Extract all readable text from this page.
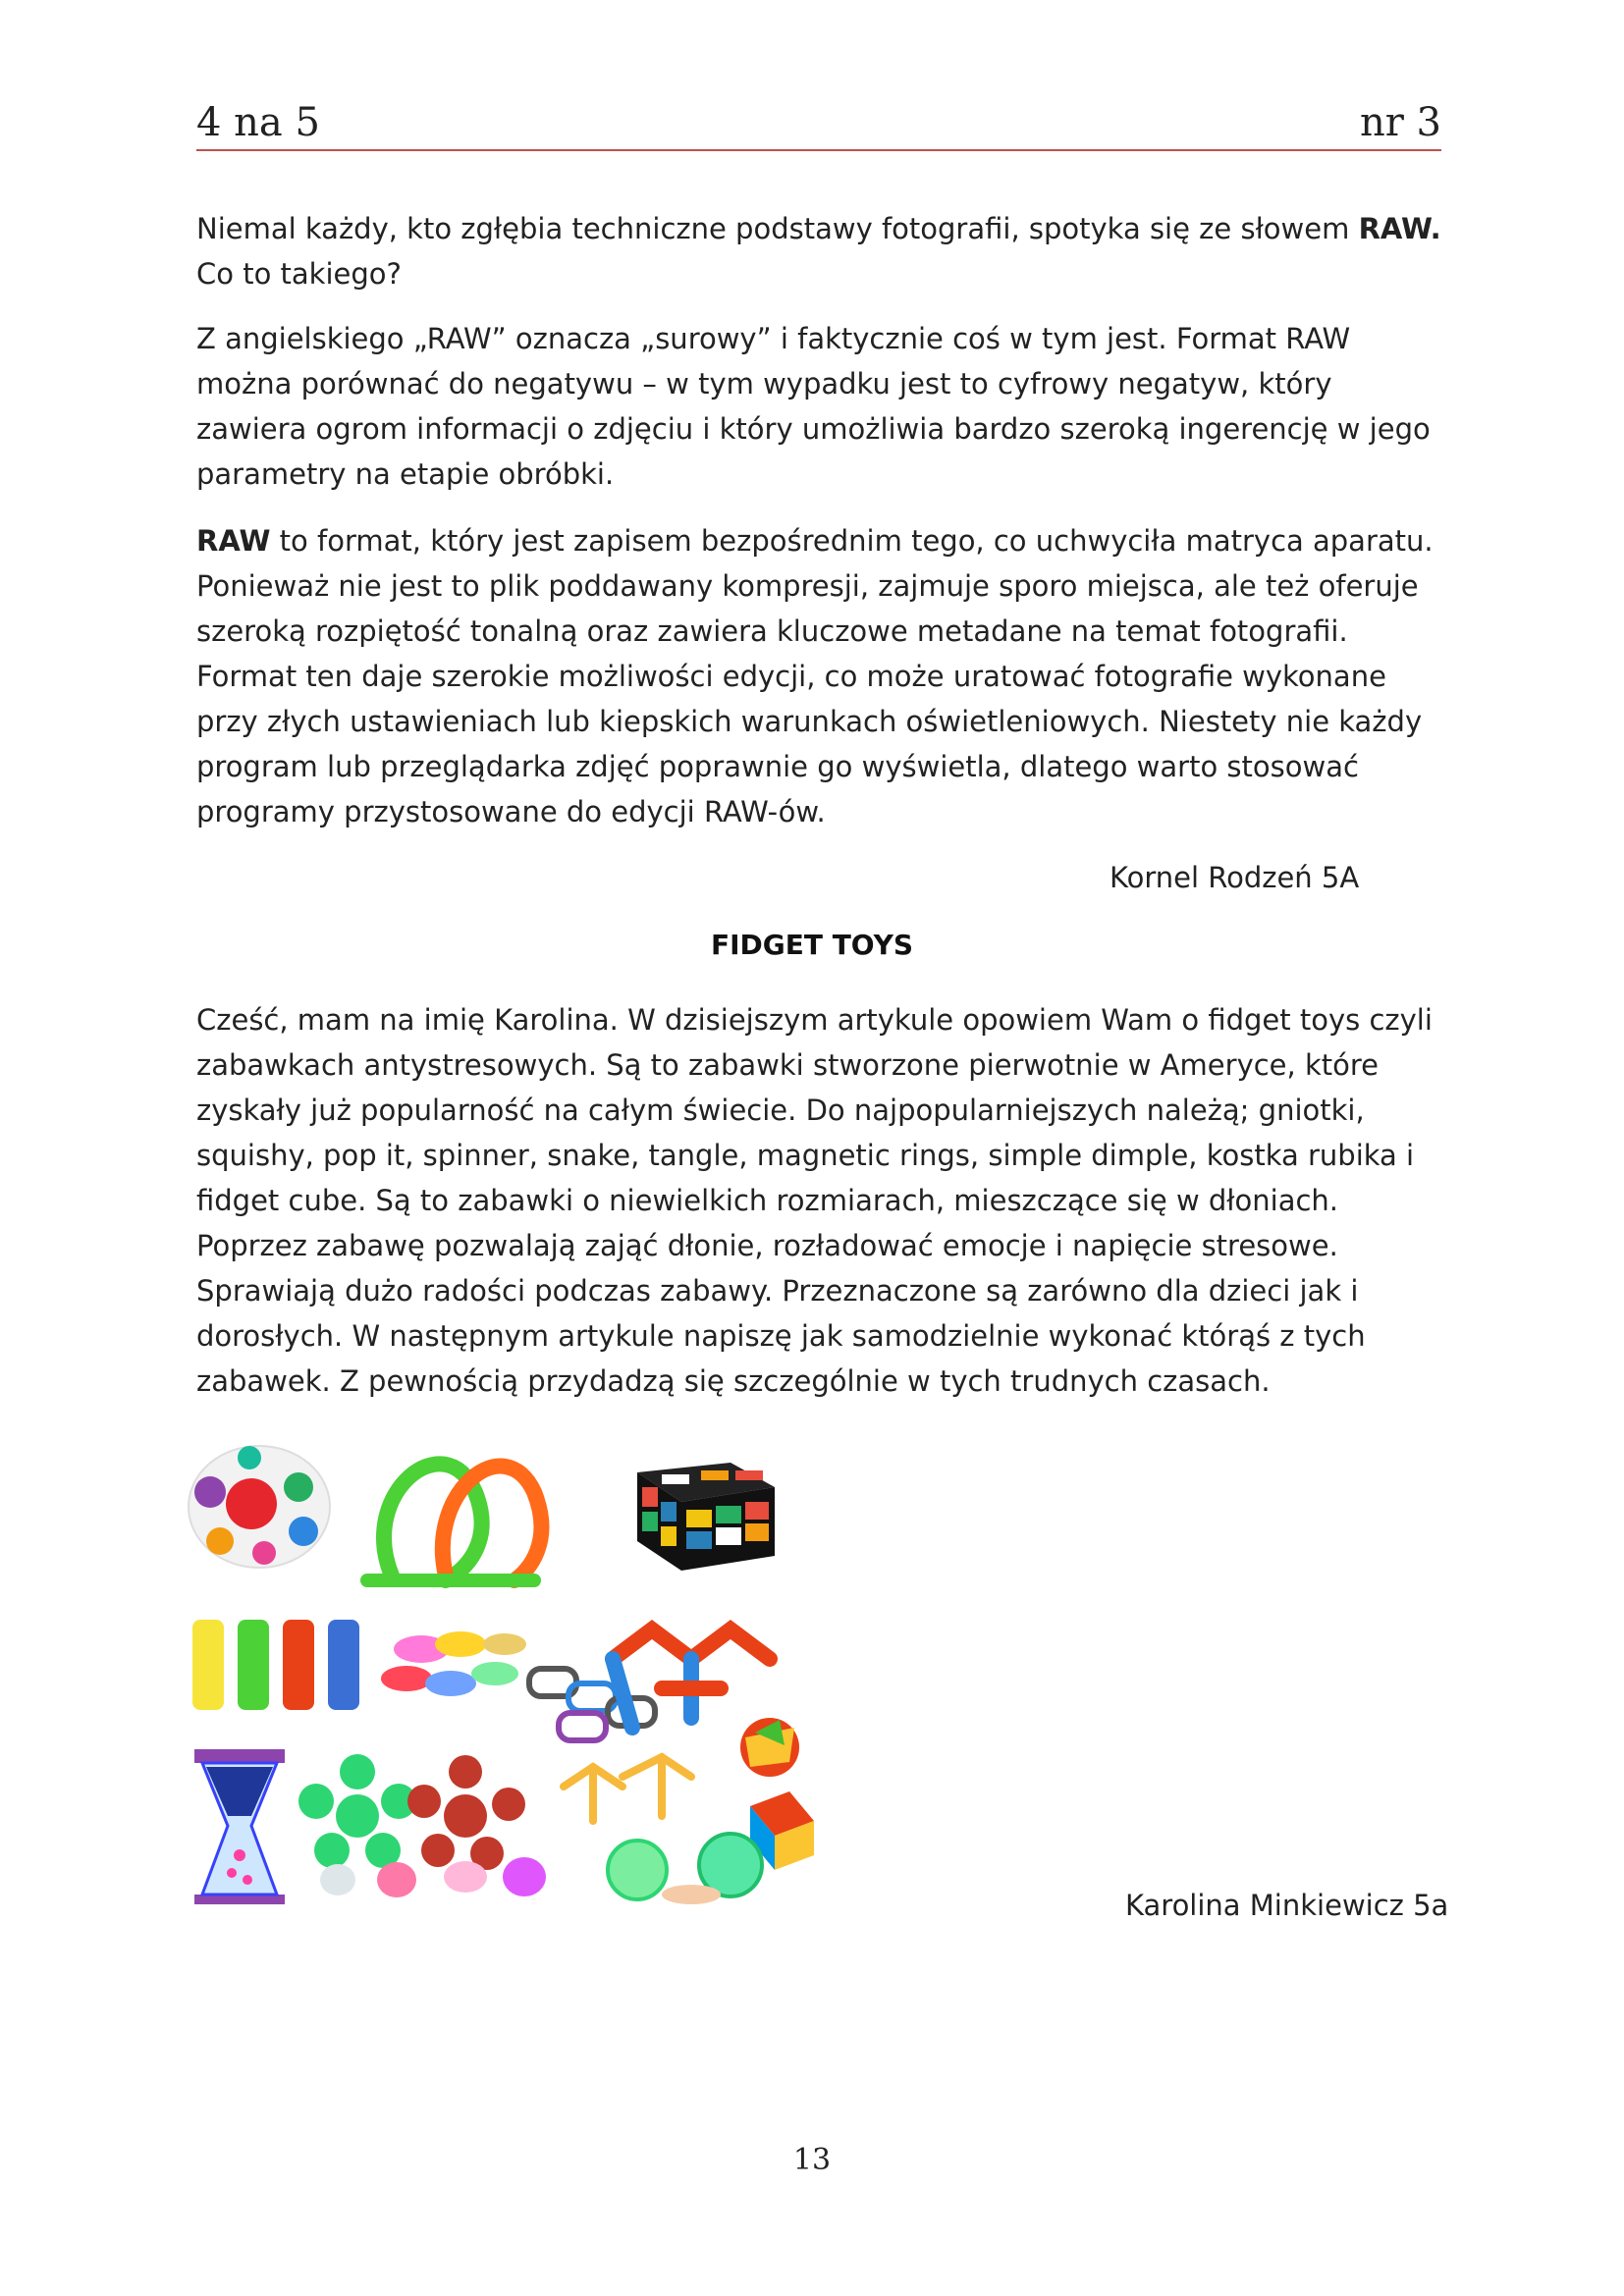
4 na 5	nr 3

Niemal każdy, kto zgłębia techniczne podstawy fotografii, spotyka się ze słowem RAW.
Co to takiego?

Z angielskiego „RAW” oznacza „surowy” i faktycznie coś w tym jest. Format RAW można porównać do negatywu – w tym wypadku jest to cyfrowy negatyw, który zawiera ogrom informacji o zdjęciu i który umożliwia bardzo szeroką ingerencję w jego parametry na etapie obróbki.

RAW to format, który jest zapisem bezpośrednim tego, co uchwyciła matryca aparatu. Ponieważ nie jest to plik poddawany kompresji, zajmuje sporo miejsca, ale też oferuje szeroką rozpiętość tonalną oraz zawiera kluczowe metadane na temat fotografii. Format ten daje szerokie możliwości edycji, co może uratować fotografie wykonane przy złych ustawieniach lub kiepskich warunkach oświetleniowych. Niestety nie każdy program lub przeglądarka zdjęć poprawnie go wyświetla, dlatego warto stosować programy przystosowane do edycji RAW-ów.

Kornel Rodzeń 5A
FIDGET TOYS

Cześć, mam na imię Karolina. W dzisiejszym artykule opowiem Wam o fidget toys czyli zabawkach antystresowych. Są to zabawki stworzone pierwotnie w Ameryce, które zyskały już popularność na całym świecie. Do najpopularniejszych należą; gniotki, squishy, pop it, spinner, snake, tangle, magnetic rings, simple dimple, kostka rubika i fidget cube. Są to zabawki o niewielkich rozmiarach, mieszczące się w dłoniach. Poprzez zabawę pozwalają zająć dłonie, rozładować emocje i napięcie stresowe. Sprawiają dużo radości podczas zabawy. Przeznaczone są zarówno dla dzieci jak i dorosłych. W następnym artykule napiszę jak samodzielnie wykonać którąś z tych zabawek. Z pewnością przydadzą się szczególnie w tych trudnych czasach.

Karolina Minkiewicz 5a
13
